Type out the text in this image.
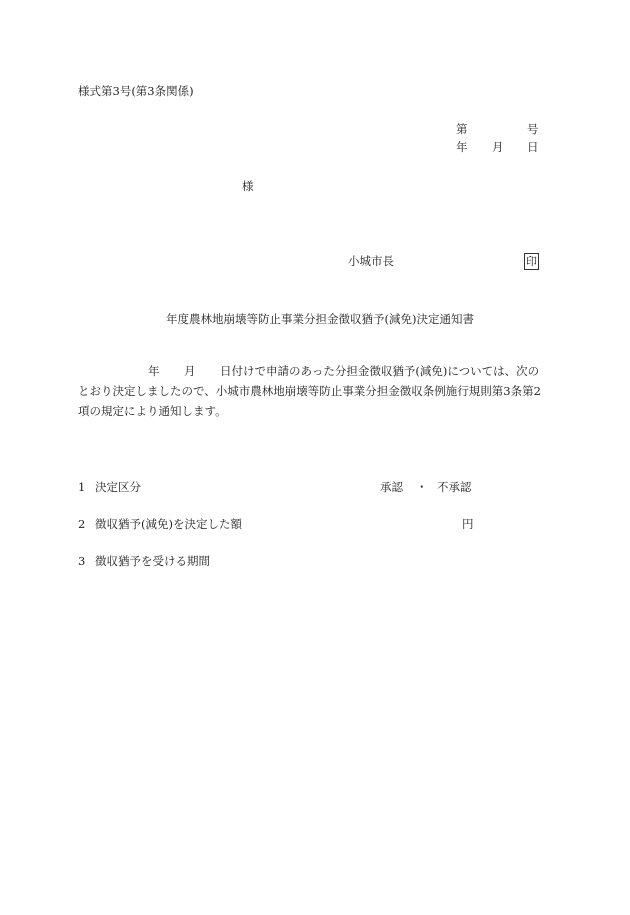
様式第3号(第3条関係)
第	号
年 月 日
様
小城市長	印
年度農林地崩壊等防止事業分担金徴収猶予(減免)決定通知書
年 月 日付けで申請のあった分担金徴収猶予(減免)については、次の
とおり決定しましたので、小城市農林地崩壊等防止事業分担金徴収条例施行規則第3条第2
項の規定により通知します。
1 決定区分	承認 ・ 不承認
2 徴収猶予(減免)を決定した額	円
3 徴収猶予を受ける期間
